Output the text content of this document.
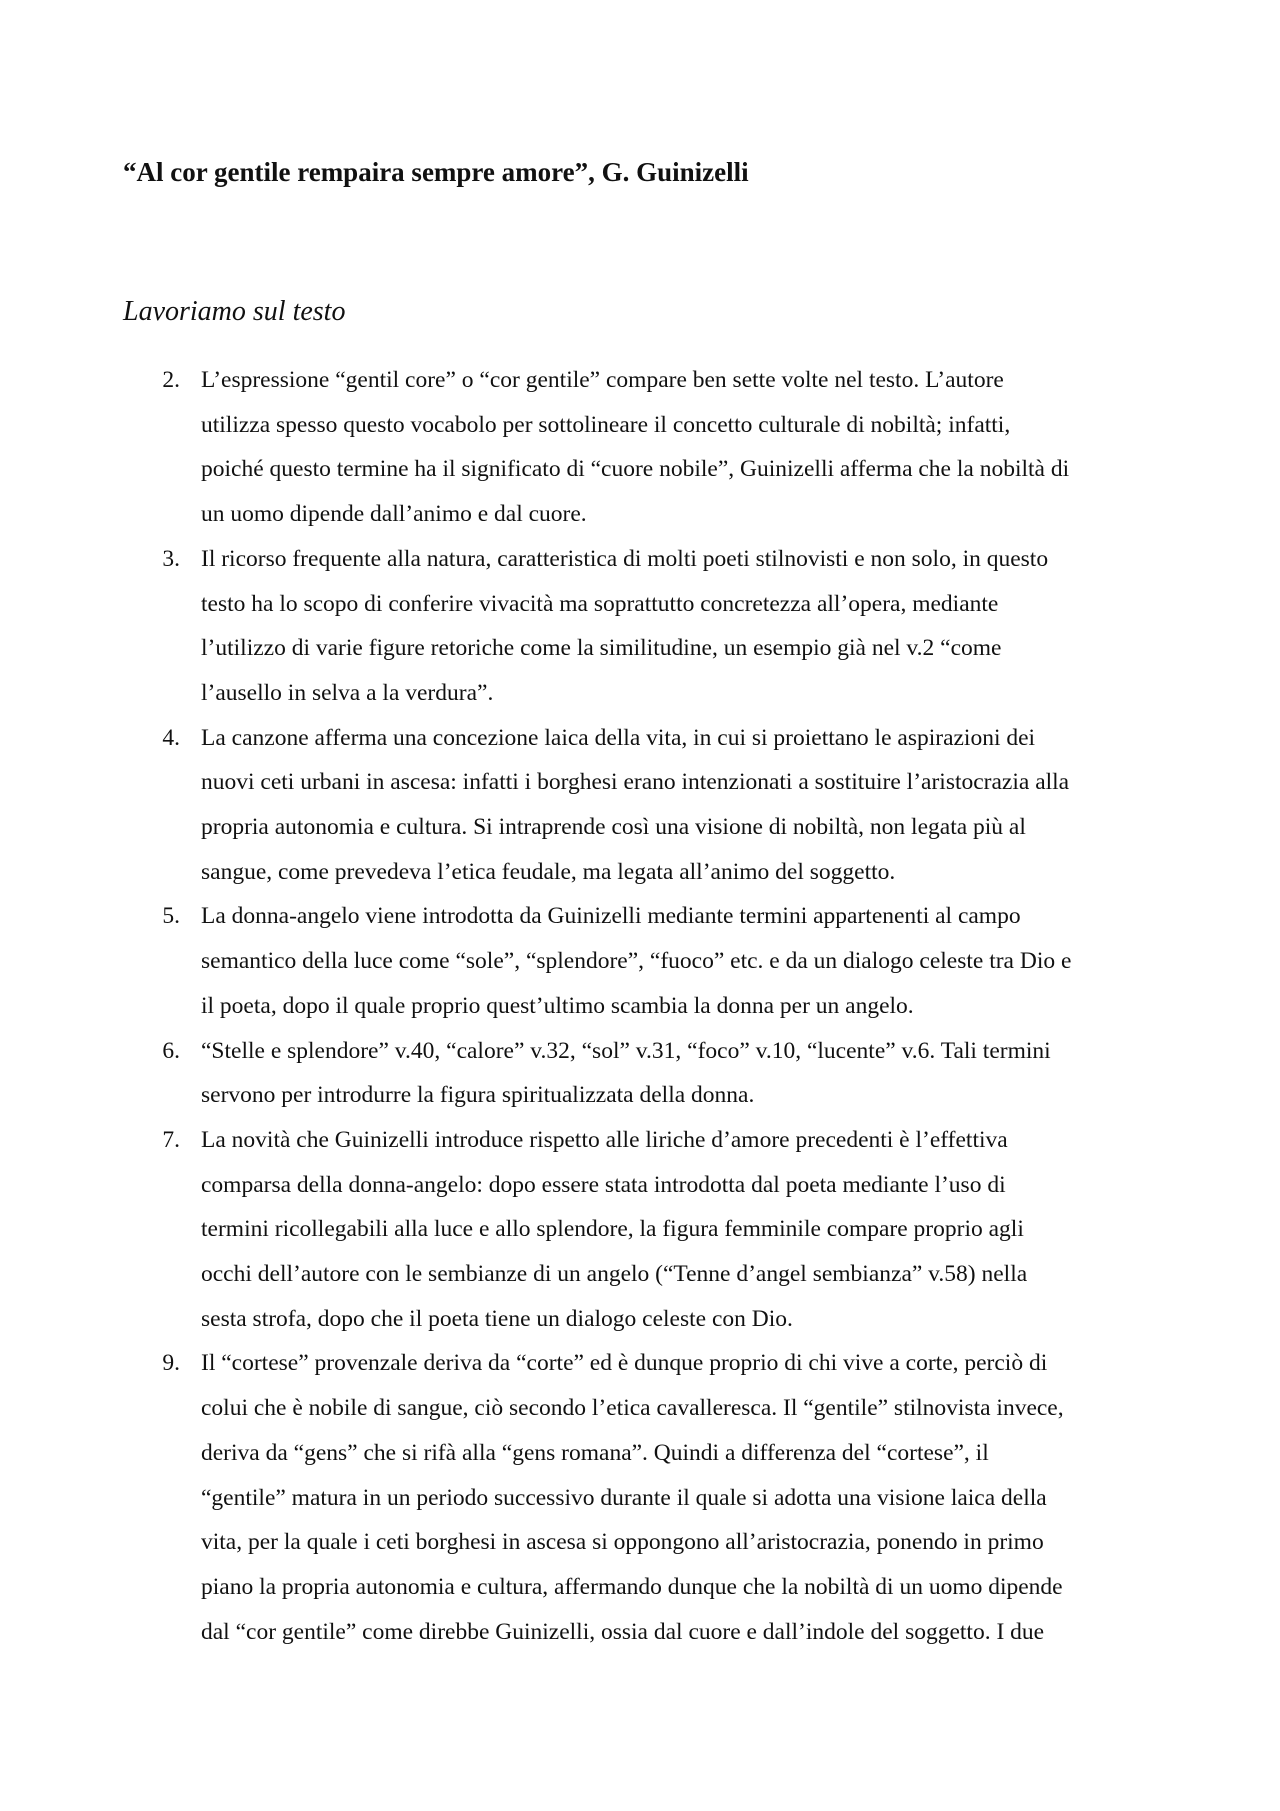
“Al cor gentile rempaira sempre amore”, G. Guinizelli
Lavoriamo sul testo
2. L’espressione “gentil core” o “cor gentile” compare ben sette volte nel testo. L’autore
utilizza spesso questo vocabolo per sottolineare il concetto culturale di nobiltà; infatti,
poiché questo termine ha il significato di “cuore nobile”, Guinizelli afferma che la nobiltà di
un uomo dipende dall’animo e dal cuore.
3. Il ricorso frequente alla natura, caratteristica di molti poeti stilnovisti e non solo, in questo
testo ha lo scopo di conferire vivacità ma soprattutto concretezza all’opera, mediante
l’utilizzo di varie figure retoriche come la similitudine, un esempio già nel v.2 “come
l’ausello in selva a la verdura”.
4. La canzone afferma una concezione laica della vita, in cui si proiettano le aspirazioni dei
nuovi ceti urbani in ascesa: infatti i borghesi erano intenzionati a sostituire l’aristocrazia alla
propria autonomia e cultura. Si intraprende così una visione di nobiltà, non legata più al
sangue, come prevedeva l’etica feudale, ma legata all’animo del soggetto.
5. La donna-angelo viene introdotta da Guinizelli mediante termini appartenenti al campo
semantico della luce come “sole”, “splendore”, “fuoco” etc. e da un dialogo celeste tra Dio e
il poeta, dopo il quale proprio quest’ultimo scambia la donna per un angelo.
6. “Stelle e splendore” v.40, “calore” v.32, “sol” v.31, “foco” v.10, “lucente” v.6. Tali termini
servono per introdurre la figura spiritualizzata della donna.
7. La novità che Guinizelli introduce rispetto alle liriche d’amore precedenti è l’effettiva
comparsa della donna-angelo: dopo essere stata introdotta dal poeta mediante l’uso di
termini ricollegabili alla luce e allo splendore, la figura femminile compare proprio agli
occhi dell’autore con le sembianze di un angelo (“Tenne d’angel sembianza” v.58) nella
sesta strofa, dopo che il poeta tiene un dialogo celeste con Dio.
9. Il “cortese” provenzale deriva da “corte” ed è dunque proprio di chi vive a corte, perciò di
colui che è nobile di sangue, ciò secondo l’etica cavalleresca. Il “gentile” stilnovista invece,
deriva da “gens” che si rifà alla “gens romana”. Quindi a differenza del “cortese”, il
“gentile” matura in un periodo successivo durante il quale si adotta una visione laica della
vita, per la quale i ceti borghesi in ascesa si oppongono all’aristocrazia, ponendo in primo
piano la propria autonomia e cultura, affermando dunque che la nobiltà di un uomo dipende
dal “cor gentile” come direbbe Guinizelli, ossia dal cuore e dall’indole del soggetto. I due
